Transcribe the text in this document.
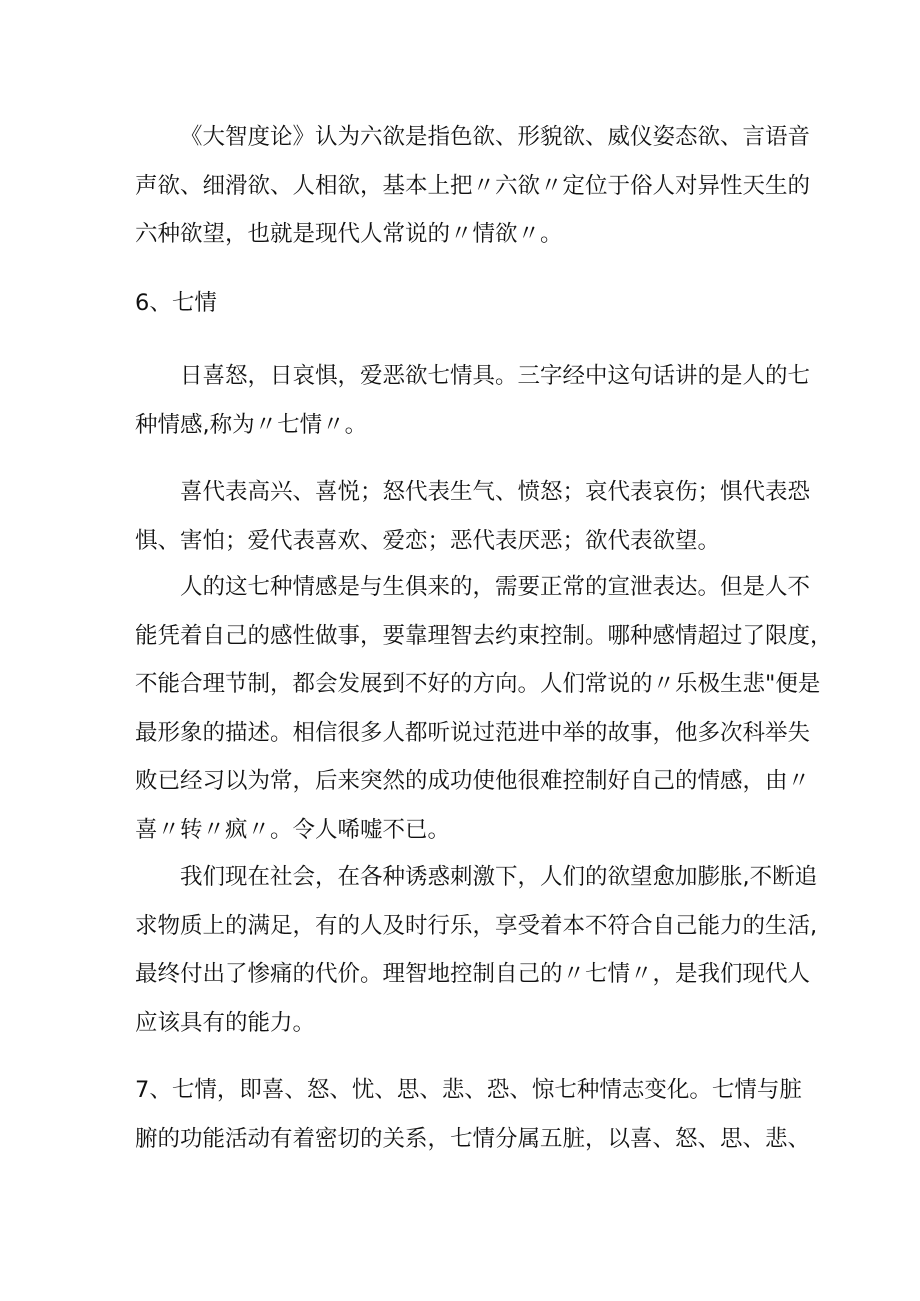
《大智度论》认为六欲是指色欲、形貌欲、威仪姿态欲、言语音
声欲、细滑欲、人相欲，基本上把〃六欲〃定位于俗人对异性天生的
六种欲望，也就是现代人常说的〃情欲〃。
6、七情
日喜怒，日哀惧，爱恶欲七情具。三字经中这句话讲的是人的七
种情感,称为〃七情〃。
喜代表高兴、喜悦；怒代表生气、愤怒；哀代表哀伤；惧代表恐
惧、害怕；爱代表喜欢、爱恋；恶代表厌恶；欲代表欲望。
人的这七种情感是与生俱来的，需要正常的宣泄表达。但是人不
能凭着自己的感性做事，要靠理智去约束控制。哪种感情超过了限度，
不能合理节制，都会发展到不好的方向。人们常说的〃乐极生悲"便是
最形象的描述。相信很多人都听说过范进中举的故事，他多次科举失
败已经习以为常，后来突然的成功使他很难控制好自己的情感，由〃
喜〃转〃疯〃。令人唏嘘不已。
我们现在社会，在各种诱惑刺激下，人们的欲望愈加膨胀,不断追
求物质上的满足，有的人及时行乐，享受着本不符合自己能力的生活,
最终付出了惨痛的代价。理智地控制自己的〃七情〃，是我们现代人
应该具有的能力。
7、七情，即喜、怒、忧、思、悲、恐、惊七种情志变化。七情与脏
腑的功能活动有着密切的关系，七情分属五脏，以喜、怒、思、悲、
